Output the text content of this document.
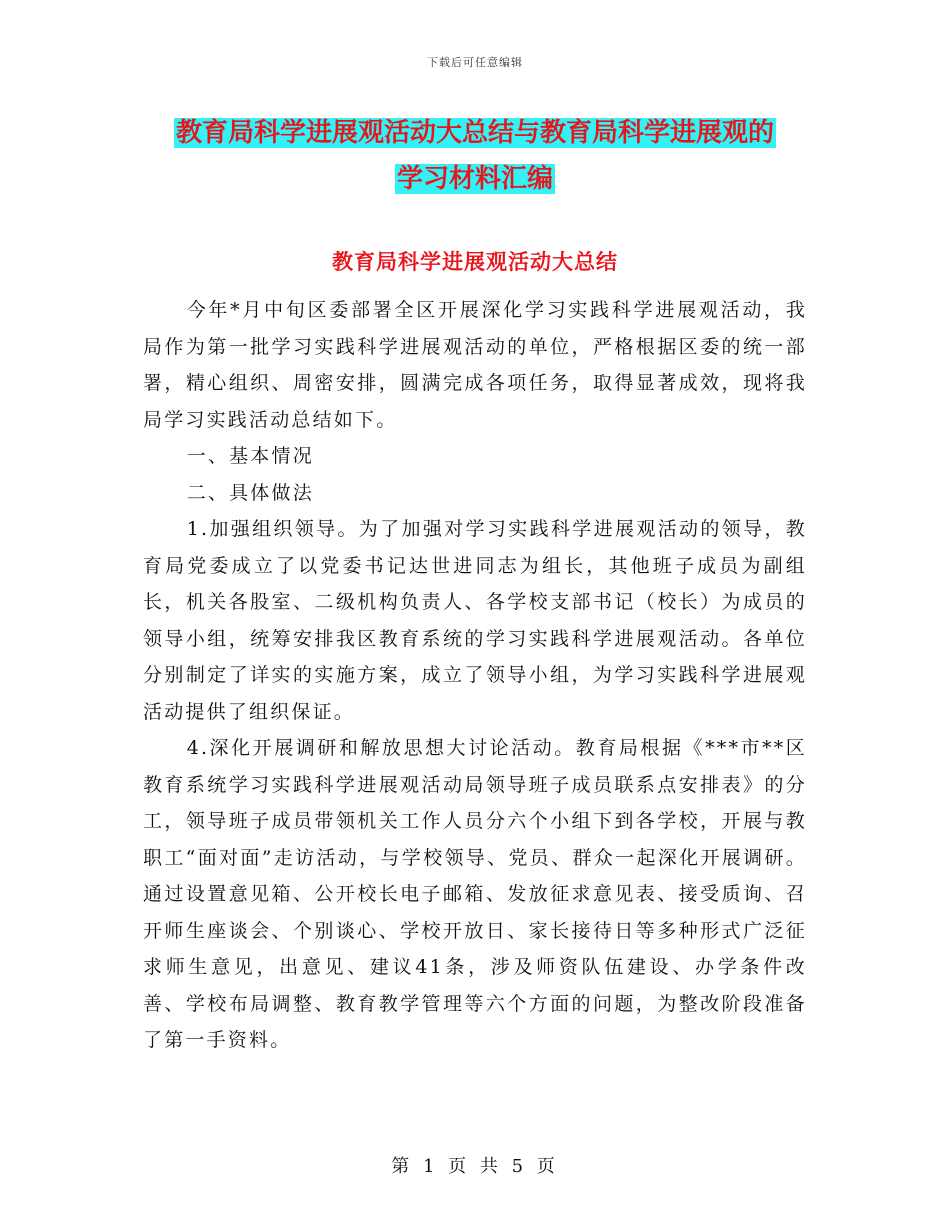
下载后可任意编辑
教育局科学进展观活动大总结与教育局科学进展观的
学习材料汇编
教育局科学进展观活动大总结

今年*月中旬区委部署全区开展深化学习实践科学进展观活动，我局作为第一批学习实践科学进展观活动的单位，严格根据区委的统一部署，精心组织、周密安排，圆满完成各项任务，取得显著成效，现将我局学习实践活动总结如下。

一、基本情况

二、具体做法

1.加强组织领导。为了加强对学习实践科学进展观活动的领导，教育局党委成立了以党委书记达世进同志为组长，其他班子成员为副组长，机关各股室、二级机构负责人、各学校支部书记（校长）为成员的领导小组，统筹安排我区教育系统的学习实践科学进展观活动。各单位分别制定了详实的实施方案，成立了领导小组，为学习实践科学进展观活动提供了组织保证。

4.深化开展调研和解放思想大讨论活动。教育局根据《***市**区教育系统学习实践科学进展观活动局领导班子成员联系点安排表》的分工，领导班子成员带领机关工作人员分六个小组下到各学校，开展与教职工“面对面”走访活动，与学校领导、党员、群众一起深化开展调研。通过设置意见箱、公开校长电子邮箱、发放征求意见表、接受质询、召开师生座谈会、个别谈心、学校开放日、家长接待日等多种形式广泛征求师生意见，出意见、建议41条，涉及师资队伍建设、办学条件改善、学校布局调整、教育教学管理等六个方面的问题，为整改阶段准备了第一手资料。

第 1 页 共 5 页
